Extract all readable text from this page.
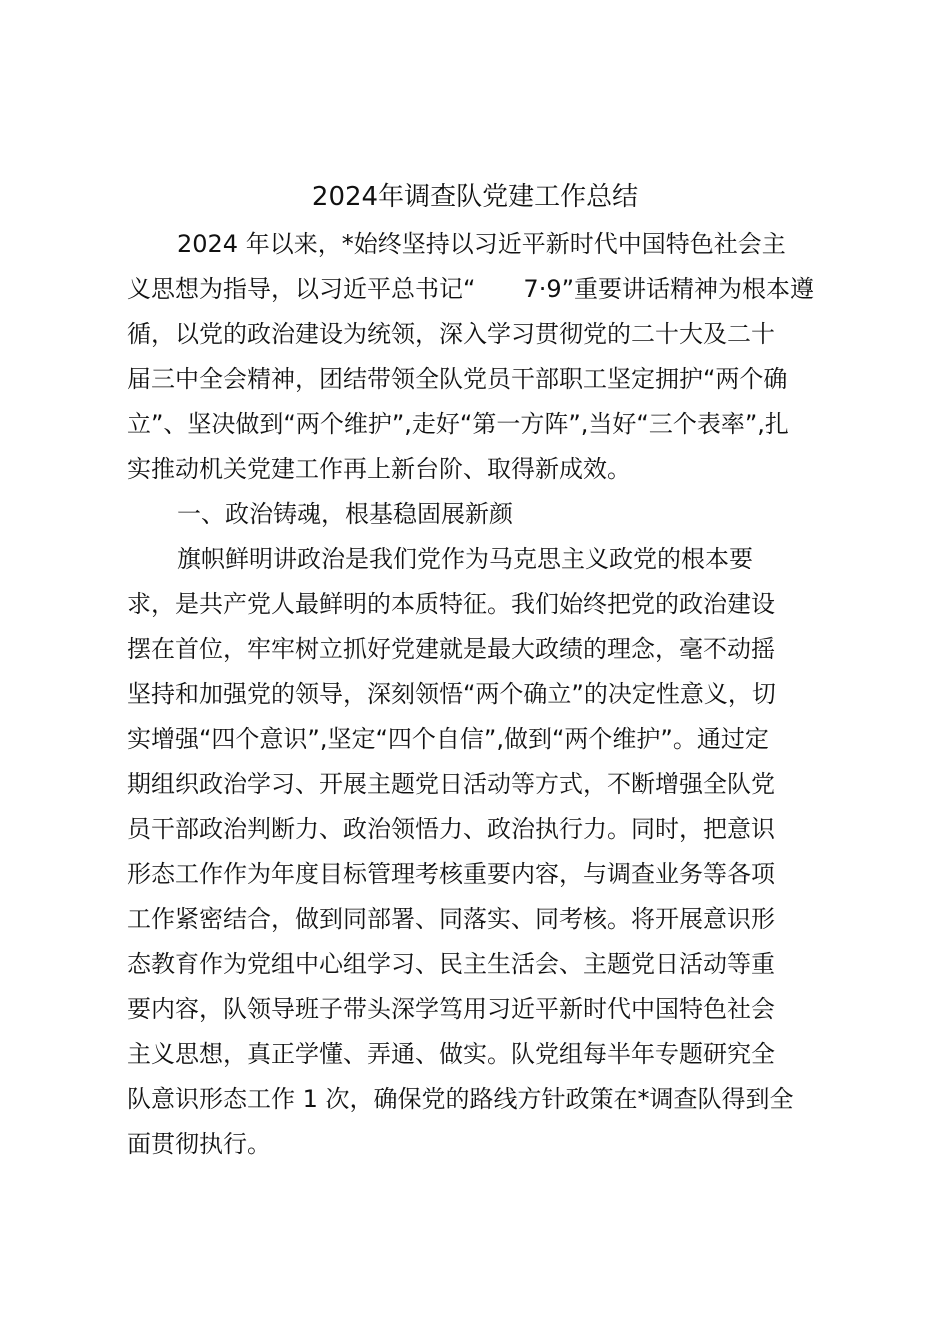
2024年调查队党建工作总结
2024 年以来，*始终坚持以习近平新时代中国特色社会主
义思想为指导，以习近平总书记“　　7·9”重要讲话精神为根本遵
循，以党的政治建设为统领，深入学习贯彻党的二十大及二十
届三中全会精神，团结带领全队党员干部职工坚定拥护“两个确
立”、坚决做到“两个维护”,走好“第一方阵”,当好“三个表率”,扎
实推动机关党建工作再上新台阶、取得新成效。
一、政治铸魂，根基稳固展新颜
旗帜鲜明讲政治是我们党作为马克思主义政党的根本要
求，是共产党人最鲜明的本质特征。我们始终把党的政治建设
摆在首位，牢牢树立抓好党建就是最大政绩的理念，毫不动摇
坚持和加强党的领导，深刻领悟“两个确立”的决定性意义，切
实增强“四个意识”,坚定“四个自信”,做到“两个维护”。通过定
期组织政治学习、开展主题党日活动等方式，不断增强全队党
员干部政治判断力、政治领悟力、政治执行力。同时，把意识
形态工作作为年度目标管理考核重要内容，与调查业务等各项
工作紧密结合，做到同部署、同落实、同考核。将开展意识形
态教育作为党组中心组学习、民主生活会、主题党日活动等重
要内容，队领导班子带头深学笃用习近平新时代中国特色社会
主义思想，真正学懂、弄通、做实。队党组每半年专题研究全
队意识形态工作 1 次，确保党的路线方针政策在*调查队得到全
面贯彻执行。
